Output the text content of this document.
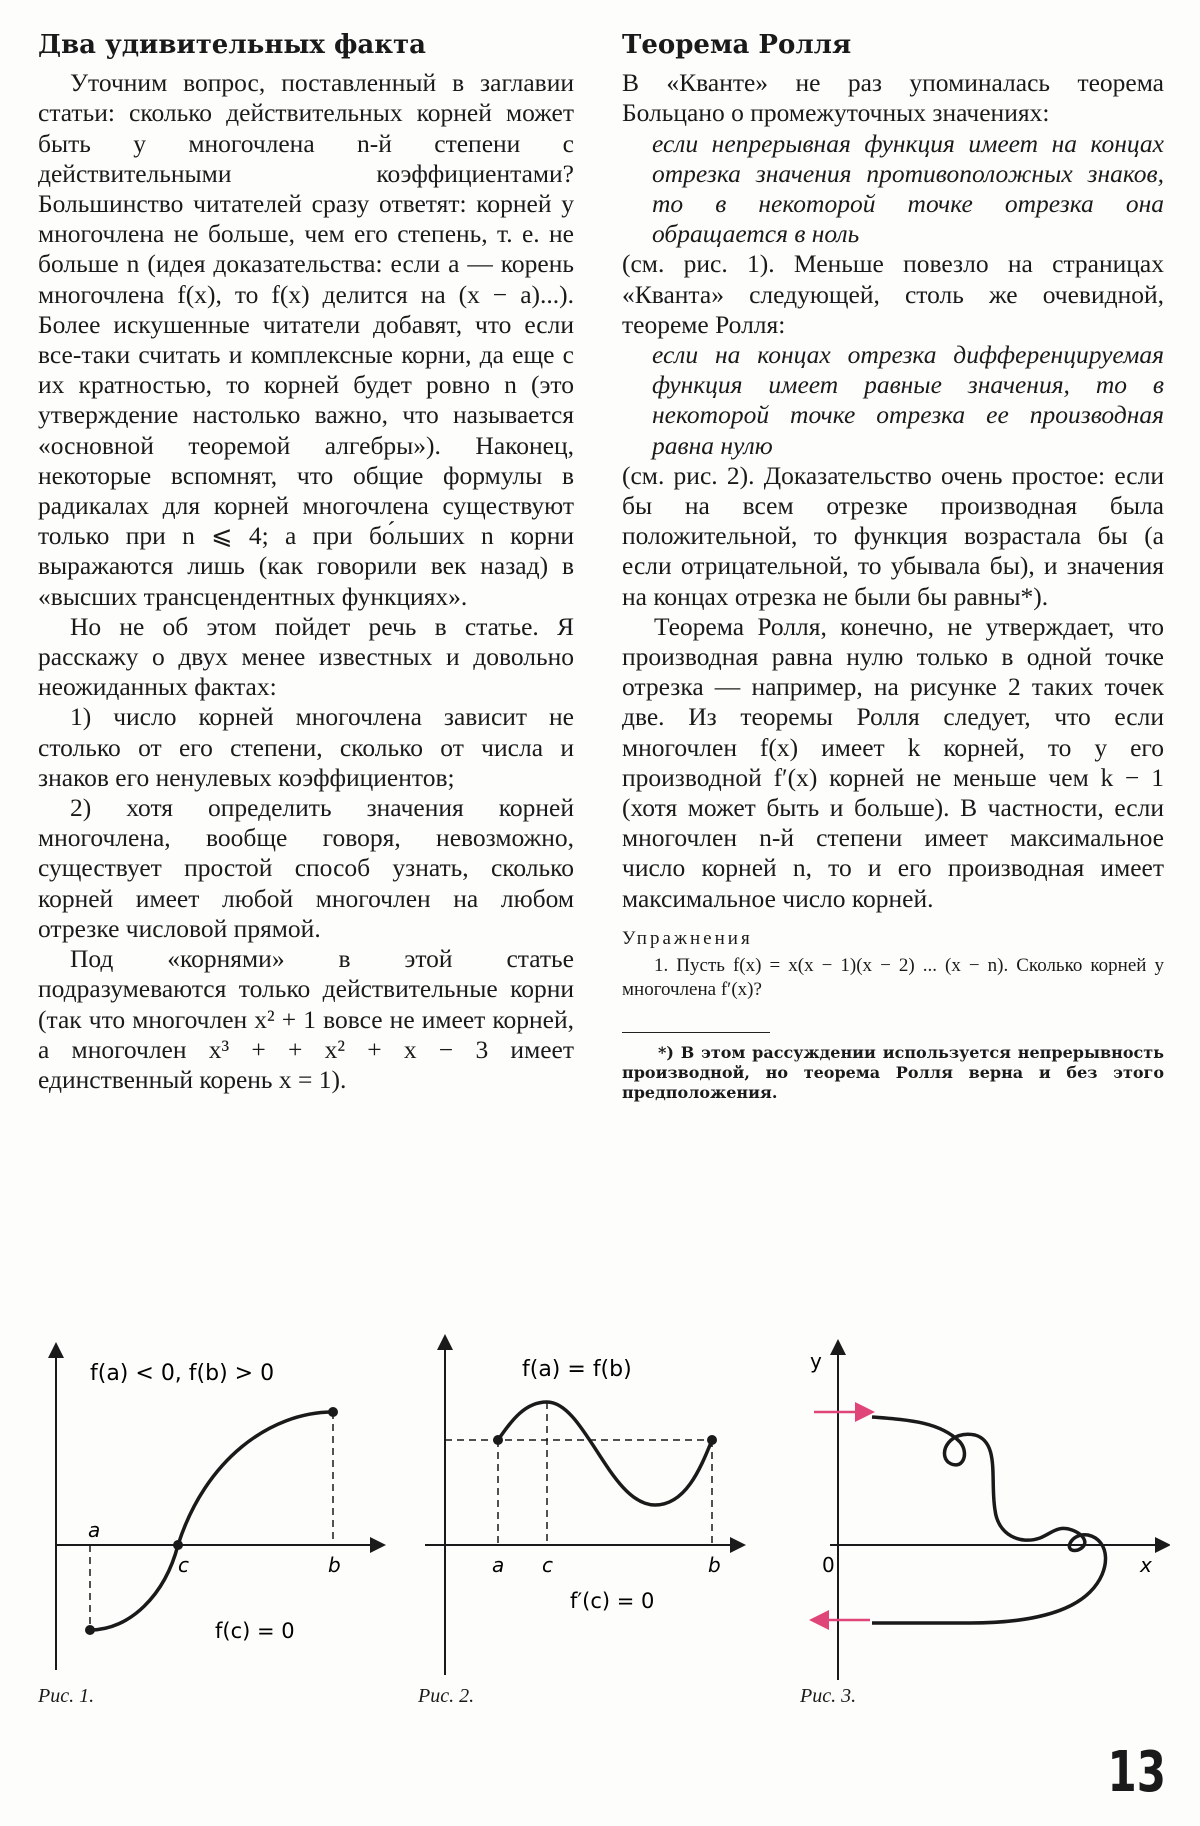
Два удивительных факта

Уточним вопрос, поставленный в заглавии статьи: сколько действительных корней может быть у многочлена n-й степени с действительными коэффициентами? Большинство читателей сразу ответят: корней у многочлена не больше, чем его степень, т. е. не больше n (идея доказательства: если a — корень многочлена f(x), то f(x) делится на (x − a)...). Более искушенные читатели добавят, что если все-таки считать и комплексные корни, да еще с их кратностью, то корней будет ровно n (это утверждение настолько важно, что называется «основной теоремой алгебры»). Наконец, некоторые вспомнят, что общие формулы в радикалах для корней многочлена существуют только при n ⩽ 4; а при бо́льших n корни выражаются лишь (как говорили век назад) в «высших трансцендентных функциях».

Но не об этом пойдет речь в статье. Я расскажу о двух менее известных и довольно неожиданных фактах:

1) число корней многочлена зависит не столько от его степени, сколько от числа и знаков его ненулевых коэффициентов;

2) хотя определить значения корней многочлена, вообще говоря, невозможно, существует простой способ узнать, сколько корней имеет любой многочлен на любом отрезке числовой прямой.

Под «корнями» в этой статье подразумеваются только действительные корни (так что многочлен x² + 1 вовсе не имеет корней, а многочлен x³ + + x² + x − 3 имеет единственный корень x = 1).

Теорема Ролля

В «Кванте» не раз упоминалась теорема Больцано о промежуточных значениях:

если непрерывная функция имеет на концах отрезка значения противоположных знаков, то в некоторой точке отрезка она обращается в ноль

(см. рис. 1). Меньше повезло на страницах «Кванта» следующей, столь же очевидной, теореме Ролля:

если на концах отрезка дифференцируемая функция имеет равные значения, то в некоторой точке отрезка ее производная равна нулю

(см. рис. 2). Доказательство очень простое: если бы на всем отрезке производная была положительной, то функция возрастала бы (а если отрицательной, то убывала бы), и значения на концах отрезка не были бы равны*).

Теорема Ролля, конечно, не утверждает, что производная равна нулю только в одной точке отрезка — например, на рисунке 2 таких точек две. Из теоремы Ролля следует, что если многочлен f(x) имеет k корней, то у его производной f′(x) корней не меньше чем k − 1 (хотя может быть и больше). В частности, если многочлен n-й степени имеет максимальное число корней n, то и его производная имеет максимальное число корней.

Упражнения

1. Пусть f(x) = x(x − 1)(x − 2) ... (x − n). Сколько корней у многочлена f′(x)?

*) В этом рассуждении используется непрерывность производной, но теорема Ролля верна и без этого предположения.

f(a) < 0, f(b) > 0
a
c	b
f(c) = 0
Рис. 1.
f(a) = f(b)
a c	b
f′(c) = 0
Рис. 2.
y
x
0
Рис. 3.
13
